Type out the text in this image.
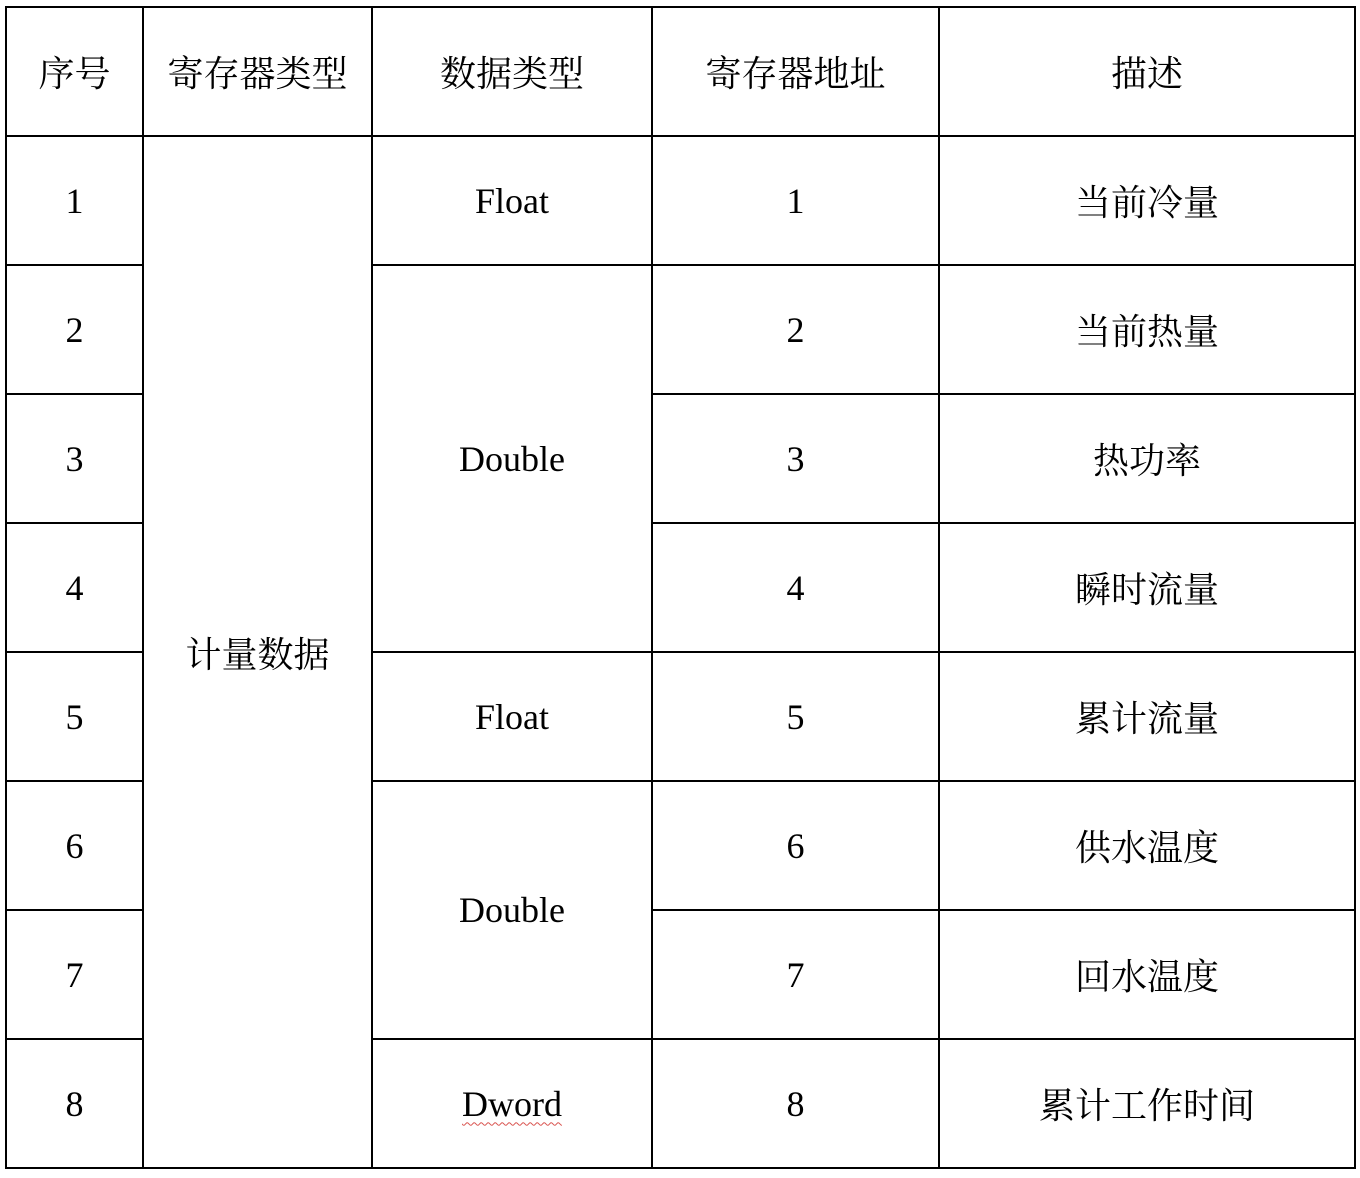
序号	寄存器类型	数据类型	寄存器地址	描述
1	计量数据	Float	1	当前冷量
2		Double	2	当前热量
3			3	热功率
4			4	瞬时流量
5		Float	5	累计流量
6		Double	6	供水温度
7			7	回水温度
8		Dword	8	累计工作时间
